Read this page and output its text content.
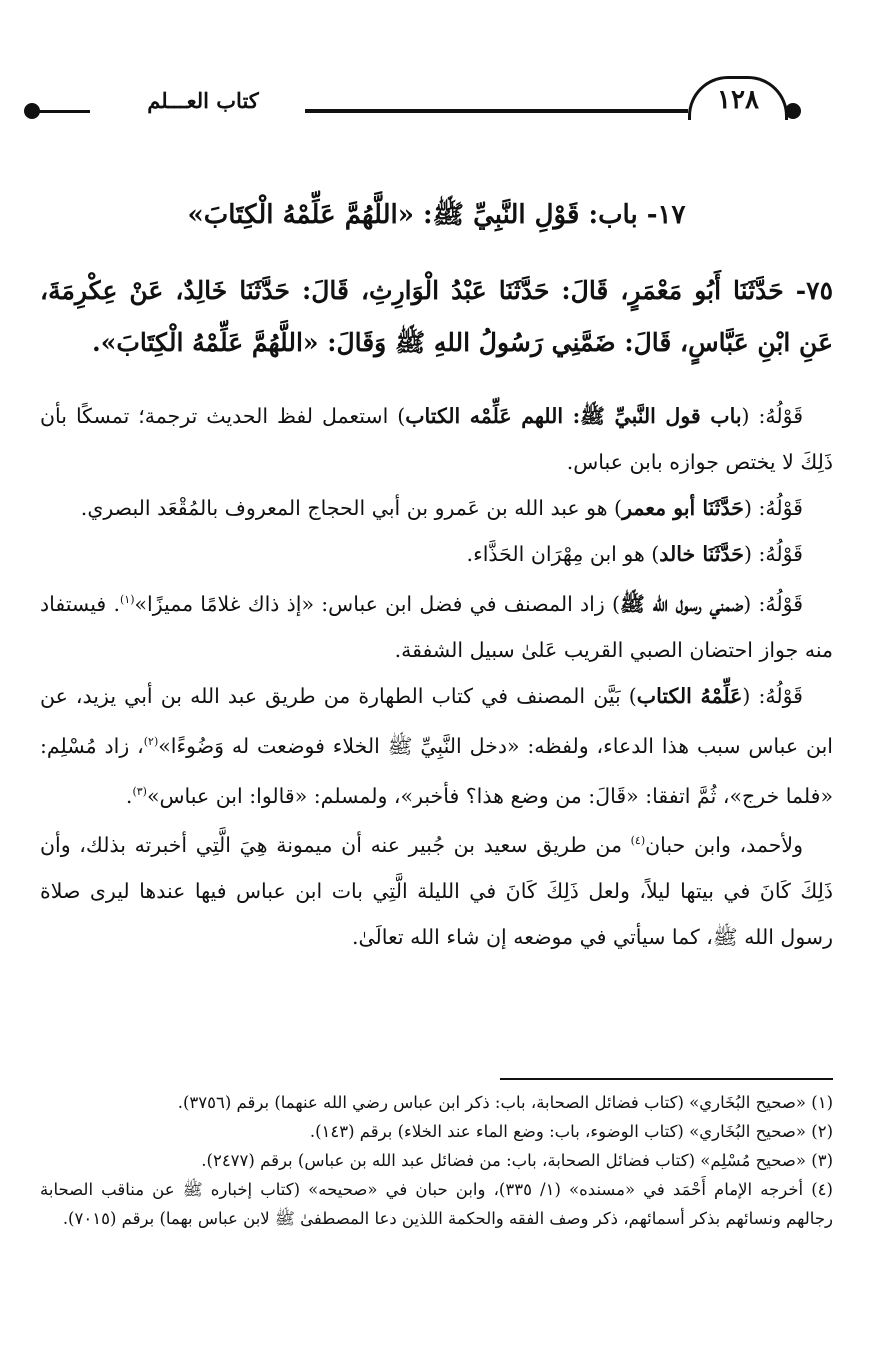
كتاب العـــلم	١٢٨
١٧- باب: قَوْلِ النَّبِيِّ ﷺ: «اللَّهُمَّ عَلِّمْهُ الْكِتَابَ»

٧٥- حَدَّثَنَا أَبُو مَعْمَرٍ، قَالَ: حَدَّثَنَا عَبْدُ الْوَارِثِ، قَالَ: حَدَّثَنَا خَالِدٌ، عَنْ عِكْرِمَةَ، عَنِ ابْنِ عَبَّاسٍ، قَالَ: ضَمَّنِي رَسُولُ اللهِ ﷺ وَقَالَ: «اللَّهُمَّ عَلِّمْهُ الْكِتَابَ».

قَوْلُهُ: (باب قول النَّبيِّ ﷺ: اللهم عَلِّمْه الكتاب) استعمل لفظ الحديث ترجمة؛ تمسكًا بأن ذَلِكَ لا يختص جوازه بابن عباس.

قَوْلُهُ: (حَدَّثَنَا أبو معمر) هو عبد الله بن عَمرو بن أبي الحجاج المعروف بالمُقْعَد البصري.

قَوْلُهُ: (حَدَّثَنَا خالد) هو ابن مِهْرَان الحَذَّاء.

قَوْلُهُ: (ضمني رسول الله ﷺ) زاد المصنف في فضل ابن عباس: «إذ ذاك غلامًا مميزًا»$^{(١)}$. فيستفاد منه جواز احتضان الصبي القريب عَلىٰ سبيل الشفقة.

قَوْلُهُ: (عَلِّمْهُ الكتاب) بَيَّن المصنف في كتاب الطهارة من طريق عبد الله بن أبي يزيد، عن ابن عباس سبب هذا الدعاء، ولفظه: «دخل النَّبِيِّ ﷺ الخلاء فوضعت له وَضُوءًا»$^{(٢)}$، زاد مُسْلِم: «فلما خرج»، ثُمَّ اتفقا: «قَالَ: من وضع هذا؟ فأخبر»، ولمسلم: «قالوا: ابن عباس»$^{(٣)}$.

ولأحمد، وابن حبان$^{(٤)}$ من طريق سعيد بن جُبير عنه أن ميمونة هِيَ الَّتِي أخبرته بذلك، وأن ذَلِكَ كَانَ في بيتها ليلاً، ولعل ذَلِكَ كَانَ في الليلة الَّتِي بات ابن عباس فيها عندها ليرى صلاة رسول الله ﷺ، كما سيأتي في موضعه إن شاء الله تعالَىٰ.

(١) «صحيح البُخَاري» (كتاب فضائل الصحابة، باب: ذكر ابن عباس رضي الله عنهما) برقم (٣٧٥٦).

(٢) «صحيح البُخَاري» (كتاب الوضوء، باب: وضع الماء عند الخلاء) برقم (١٤٣).

(٣) «صحيح مُسْلِم» (كتاب فضائل الصحابة، باب: من فضائل عبد الله بن عباس) برقم (٢٤٧٧).

(٤) أخرجه الإمام أَحْمَد في «مسنده» (١/ ٣٣٥)، وابن حبان في «صحيحه» (كتاب إخباره ﷺ عن مناقب الصحابة رجالهم ونسائهم بذكر أسمائهم، ذكر وصف الفقه والحكمة اللذين دعا المصطفىٰ ﷺ لابن عباس بهما) برقم (٧٠١٥).
